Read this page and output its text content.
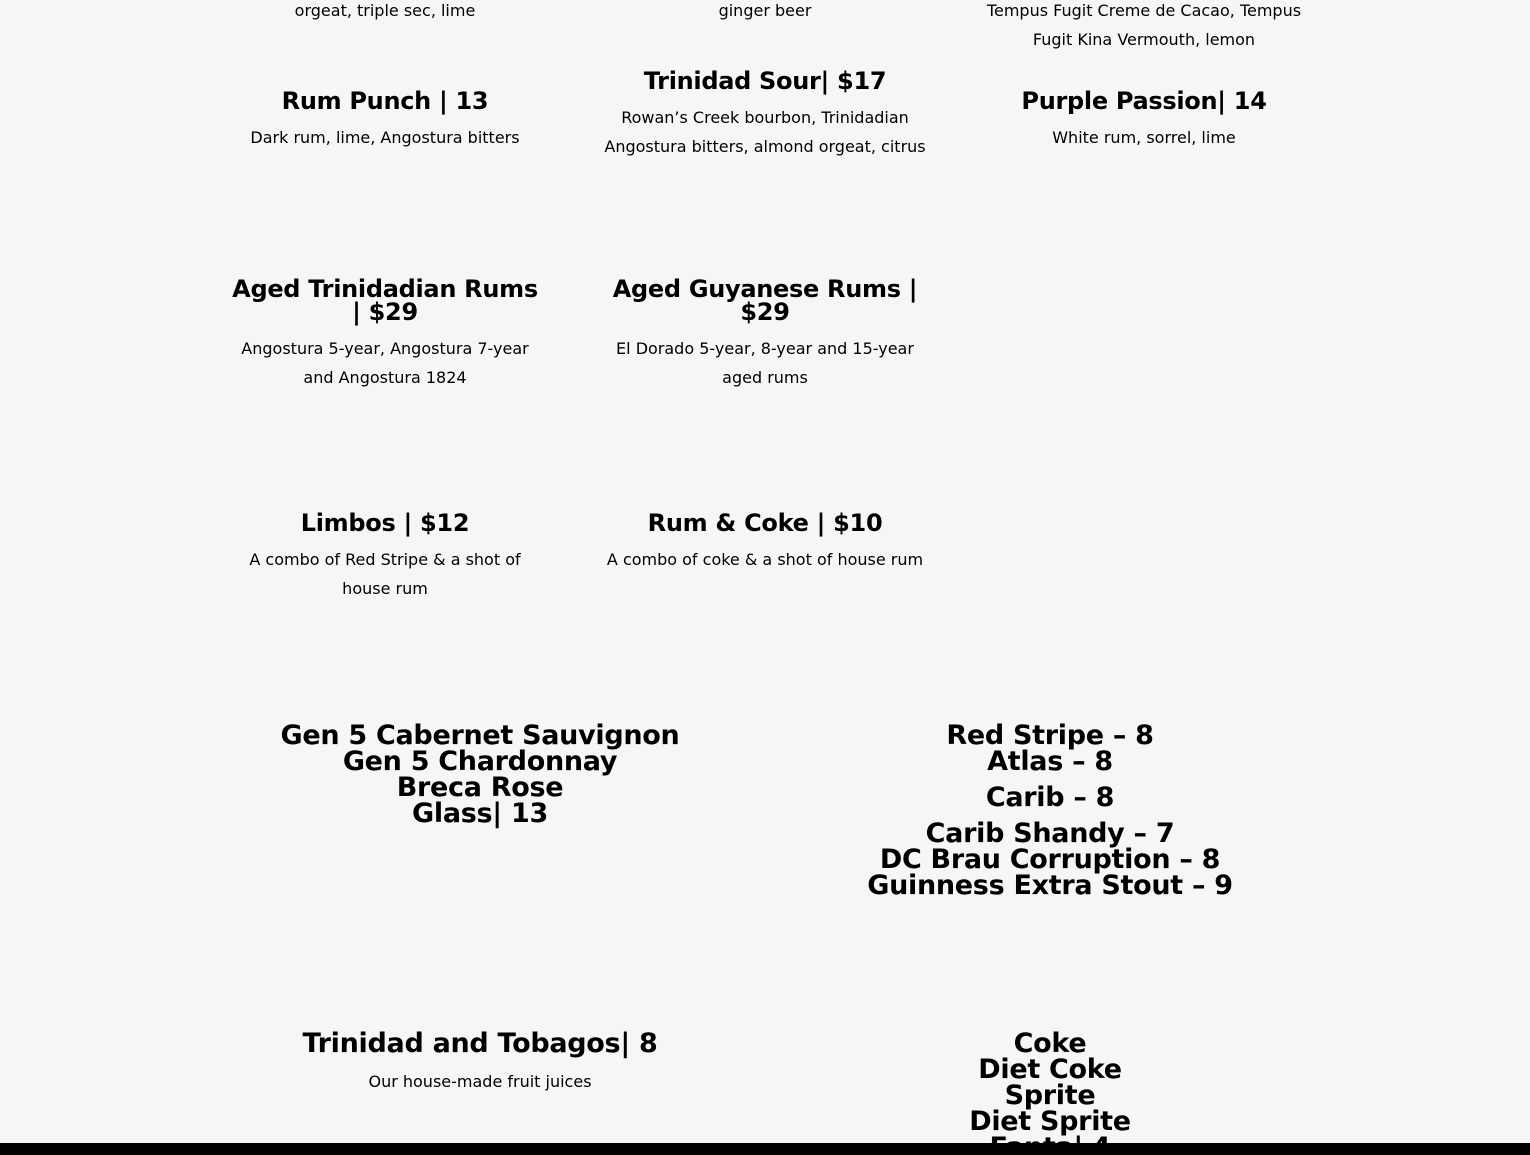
orgeat, triple sec, lime	ginger beer	Tempus Fugit Creme de Cacao, Tempus Fugit Kina Vermouth, lemon

Rum Punch | 13

Dark rum, lime, Angostura bitters

Trinidad Sour| $17

Rowan’s Creek bourbon, Trinidadian Angostura bitters, almond orgeat, citrus

Purple Passion| 14

White rum, sorrel, lime

Aged Trinidadian Rums | $29

Angostura 5-year, Angostura 7-year and Angostura 1824

Aged Guyanese Rums | $29

El Dorado 5-year, 8-year and 15-year aged rums

Limbos | $12

A combo of Red Stripe & a shot of house rum

Rum & Coke | $10

A combo of coke & a shot of house rum

Gen 5 Cabernet Sauvignon

Gen 5 Chardonnay

Breca Rose

Glass| 13

Red Stripe – 8

Atlas – 8

Carib – 8

Carib Shandy – 7

DC Brau Corruption – 8

Guinness Extra Stout – 9

Trinidad and Tobagos| 8

Our house-made fruit juices

Coke

Diet Coke

Sprite

Diet Sprite
